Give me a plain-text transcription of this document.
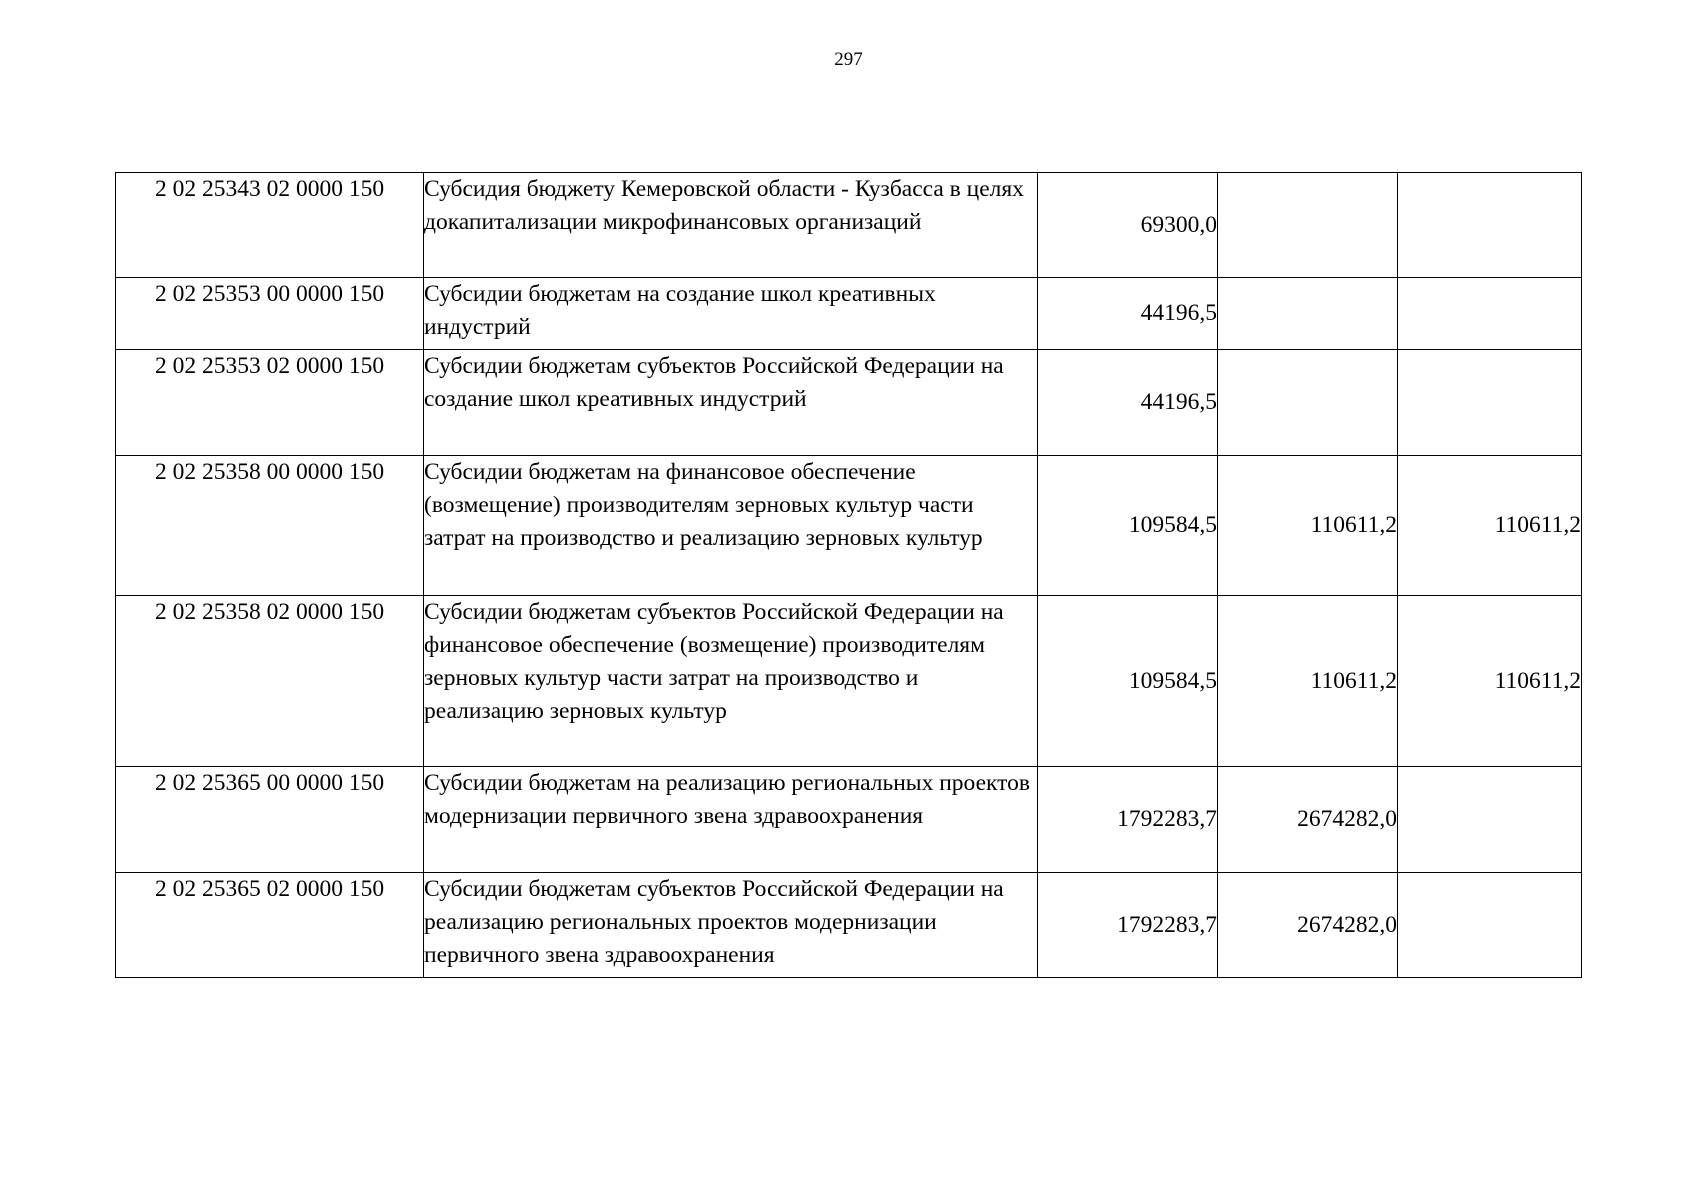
297
2 02 25343 02 0000 150	Субсидия бюджету Кемеровской области - Кузбасса в целях докапитализации микрофинансовых организаций	69300,0		
2 02 25353 00 0000 150	Субсидии бюджетам на создание школ креативных индустрий	44196,5		
2 02 25353 02 0000 150	Субсидии бюджетам субъектов Российской Федерации на создание школ креативных индустрий	44196,5		
2 02 25358 00 0000 150	Субсидии бюджетам на финансовое обеспечение (возмещение) производителям зерновых культур части затрат на производство и реализацию зерновых культур	109584,5	110611,2	110611,2
2 02 25358 02 0000 150	Субсидии бюджетам субъектов Российской Федерации на финансовое обеспечение (возмещение) производителям зерновых культур части затрат на производство и реализацию зерновых культур	109584,5	110611,2	110611,2
2 02 25365 00 0000 150	Субсидии бюджетам на реализацию региональных проектов модернизации первичного звена здравоохранения	1792283,7	2674282,0	
2 02 25365 02 0000 150	Субсидии бюджетам субъектов Российской Федерации на реализацию региональных проектов модернизации первичного звена здравоохранения	1792283,7	2674282,0	
